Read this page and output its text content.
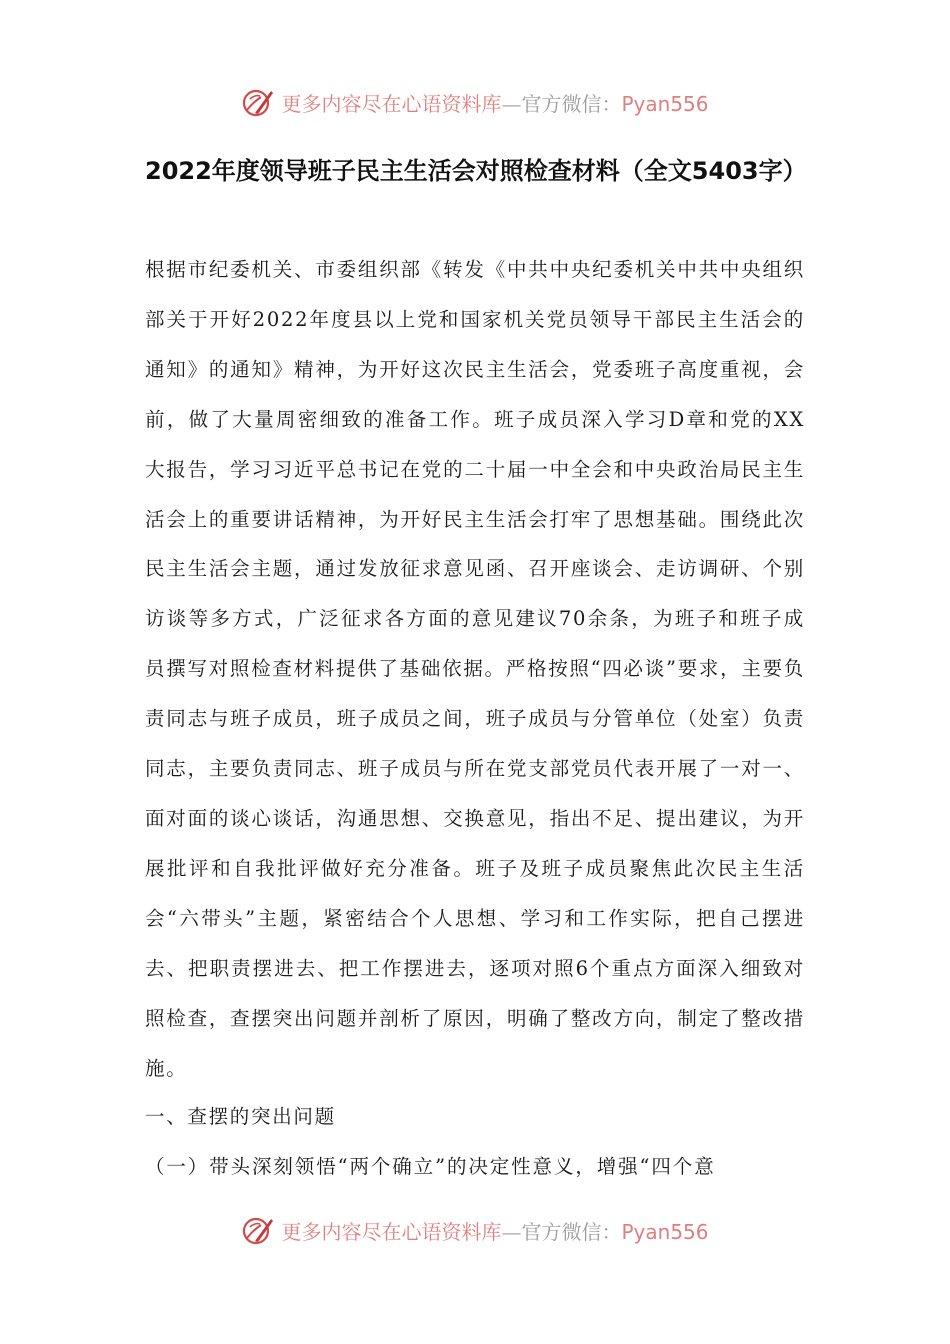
更多内容尽在心语资料库—官方微信：Pyan556
2022年度领导班子民主生活会对照检查材料（全文5403字）

根据市纪委机关、市委组织部《转发《中共中央纪委机关中共中央组织部关于开好2022年度县以上党和国家机关党员领导干部民主生活会的通知》的通知》精神，为开好这次民主生活会，党委班子高度重视，会前，做了大量周密细致的准备工作。班子成员深入学习D章和党的XX大报告，学习习近平总书记在党的二十届一中全会和中央政治局民主生活会上的重要讲话精神，为开好民主生活会打牢了思想基础。围绕此次民主生活会主题，通过发放征求意见函、召开座谈会、走访调研、个别访谈等多方式，广泛征求各方面的意见建议70余条，为班子和班子成员撰写对照检查材料提供了基础依据。严格按照“四必谈”要求，主要负责同志与班子成员，班子成员之间，班子成员与分管单位（处室）负责同志，主要负责同志、班子成员与所在党支部党员代表开展了一对一、面对面的谈心谈话，沟通思想、交换意见，指出不足、提出建议，为开展批评和自我批评做好充分准备。班子及班子成员聚焦此次民主生活会“六带头”主题，紧密结合个人思想、学习和工作实际，把自己摆进去、把职责摆进去、把工作摆进去，逐项对照6个重点方面深入细致对照检查，查摆突出问题并剖析了原因，明确了整改方向，制定了整改措施。

一、查摆的突出问题

（一）带头深刻领悟“两个确立”的决定性意义，增强“四个意

更多内容尽在心语资料库—官方微信：Pyan556
